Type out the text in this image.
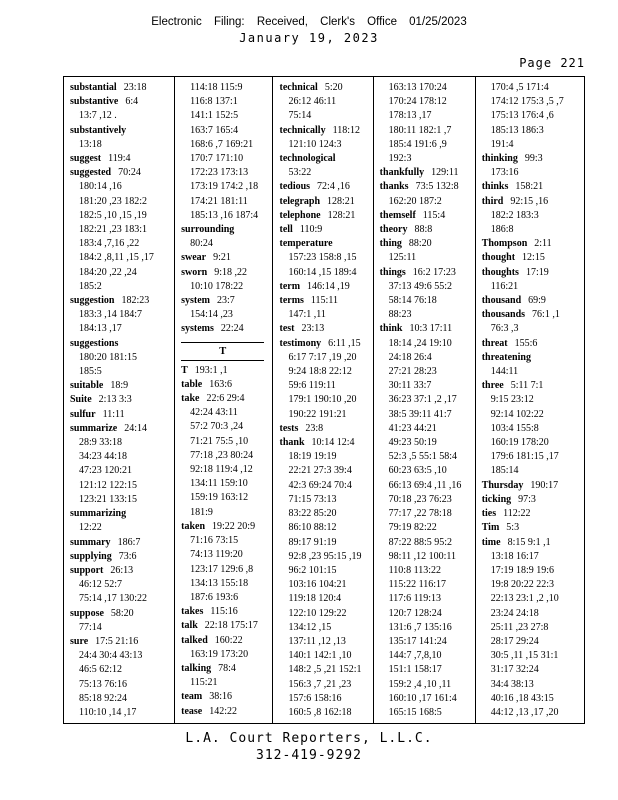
Electronic Filing: Received, Clerk's Office 01/25/2023
January 19, 2023
Page 221
substantial 23:18
substantive 6:4
13:7 ,12 .
substantively
13:18
suggest 119:4
suggested 70:24
180:14 ,16
181:20 ,23 182:2
182:5 ,10 ,15 ,19
182:21 ,23 183:1
183:4 ,7,16 ,22
184:2 ,8,11 ,15 ,17
184:20 ,22 ,24
185:2
suggestion 182:23
183:3 ,14 184:7
184:13 ,17
suggestions
180:20 181:15
185:5
suitable 18:9
Suite 2:13 3:3
sulfur 11:11
summarize 24:14
28:9 33:18
34:23 44:18
47:23 120:21
121:12 122:15
123:21 133:15
summarizing
12:22
summary 186:7
supplying 73:6
support 26:13
46:12 52:7
75:14 ,17 130:22
suppose 58:20
77:14
sure 17:5 21:16
24:4 30:4 43:13
46:5 62:12
75:13 76:16
85:18 92:24
110:10 ,14 ,17
114:18 115:9
116:8 137:1
141:1 152:5
163:7 165:4
168:6 ,7 169:21
170:7 171:10
172:23 173:13
173:19 174:2 ,18
174:21 181:11
185:13 ,16 187:4
surrounding
80:24
swear 9:21
sworn 9:18 ,22
10:10 178:22
system 23:7
154:14 ,23
systems 22:24
T
T 193:1 ,1
table 163:6
take 22:6 29:4
42:24 43:11
57:2 70:3 ,24
71:21 75:5 ,10
77:18 ,23 80:24
92:18 119:4 ,12
134:11 159:10
159:19 163:12
181:9
taken 19:22 20:9
71:16 73:15
74:13 119:20
123:17 129:6 ,8
134:13 155:18
187:6 193:6
takes 115:16
talk 22:18 175:17
talked 160:22
163:19 173:20
talking 78:4
115:21
team 38:16
tease 142:22
technical 5:20
26:12 46:11
75:14
technically 118:12
121:10 124:3
technological
53:22
tedious 72:4 ,16
telegraph 128:21
telephone 128:21
tell 110:9
temperature
157:23 158:8 ,15
160:14 ,15 189:4
term 146:14 ,19
terms 115:11
147:1 ,11
test 23:13
testimony 6:11 ,15
6:17 7:17 ,19 ,20
9:24 18:8 22:12
59:6 119:11
179:1 190:10 ,20
190:22 191:21
tests 23:8
thank 10:14 12:4
18:19 19:19
22:21 27:3 39:4
42:3 69:24 70:4
71:15 73:13
83:22 85:20
86:10 88:12
89:17 91:19
92:8 ,23 95:15 ,19
96:2 101:15
103:16 104:21
119:18 120:4
122:10 129:22
134:12 ,15
137:11 ,12 ,13
140:1 142:1 ,10
148:2 ,5 ,21 152:1
156:3 ,7 ,21 ,23
157:6 158:16
160:5 ,8 162:18
163:13 170:24
170:24 178:12
178:13 ,17
180:11 182:1 ,7
185:4 191:6 ,9
192:3
thankfully 129:11
thanks 73:5 132:8
162:20 187:2
themself 115:4
theory 88:8
thing 88:20
125:11
things 16:2 17:23
37:13 49:6 55:2
58:14 76:18
88:23
think 10:3 17:11
18:14 ,24 19:10
24:18 26:4
27:21 28:23
30:11 33:7
36:23 37:1 ,2 ,17
38:5 39:11 41:7
41:23 44:21
49:23 50:19
52:3 ,5 55:1 58:4
60:23 63:5 ,10
66:13 69:4 ,11 ,16
70:18 ,23 76:23
77:17 ,22 78:18
79:19 82:22
87:22 88:5 95:2
98:11 ,12 100:11
110:8 113:22
115:22 116:17
117:6 119:13
120:7 128:24
131:6 ,7 135:16
135:17 141:24
144:7 ,7,8,10
151:1 158:17
159:2 ,4 ,10 ,11
160:10 ,17 161:4
165:15 168:5
170:4 ,5 171:4
174:12 175:3 ,5 ,7
175:13 176:4 ,6
185:13 186:3
191:4
thinking 99:3
173:16
thinks 158:21
third 92:15 ,16
182:2 183:3
186:8
Thompson 2:11
thought 12:15
thoughts 17:19
116:21
thousand 69:9
thousands 76:1 ,1
76:3 ,3
threat 155:6
threatening
144:11
three 5:11 7:1
9:15 23:12
92:14 102:22
103:4 155:8
160:19 178:20
179:6 181:15 ,17
185:14
Thursday 190:17
ticking 97:3
ties 112:22
Tim 5:3
time 8:15 9:1 ,1
13:18 16:17
17:19 18:9 19:6
19:8 20:22 22:3
22:13 23:1 ,2 ,10
23:24 24:18
25:11 ,23 27:8
28:17 29:24
30:5 ,11 ,15 31:1
31:17 32:24
34:4 38:13
40:16 ,18 43:15
44:12 ,13 ,17 ,20
L.A. Court Reporters, L.L.C.
312-419-9292
